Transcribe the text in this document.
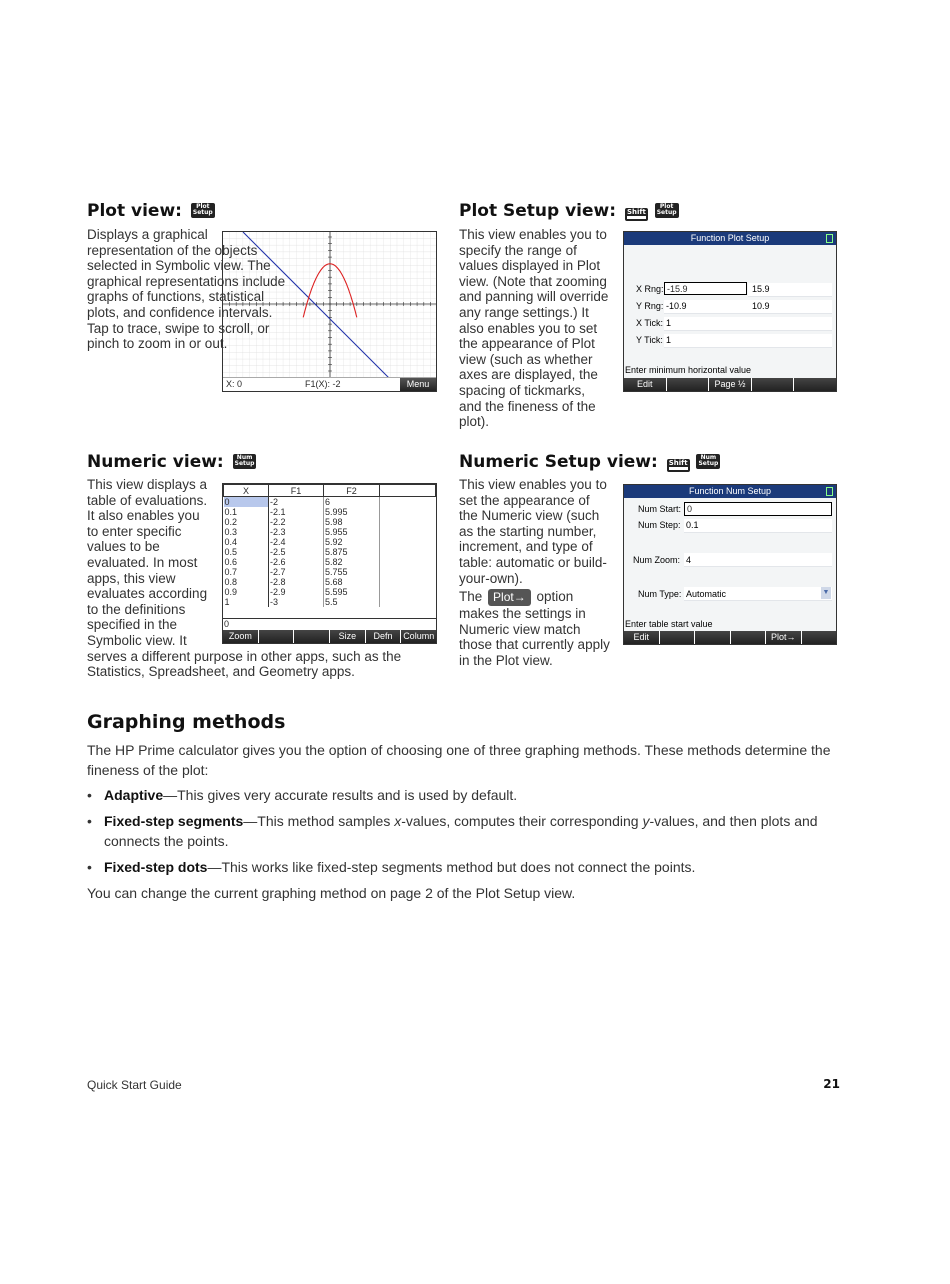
Plot view:	Plot
Setup
X: 0	F1(X): -2	Menu

Displays a graphical representation of the objects selected in Symbolic view. The graphical representations include graphs of functions, statistical plots, and confidence intervals. Tap to trace, swipe to scroll, or pinch to zoom in or out.

Plot Setup view: Shift

Plot
Setup

This view enables you to specify the range of values displayed in Plot view. (Note that zooming and panning will override any range settings.) It also enables you to set the appearance of Plot view (such as whether axes are displayed, the spacing of tickmarks, and the fineness of the plot).

Function Plot Setup
X Rng: -15.9	15.9
Y Rng: -10.9	10.9
X Tick: 1
Y Tick: 1
Enter minimum horizontal value
Edit	Page ½
Numeric view:	Num
Setup
X	F1	F2	
0	-2	6	
0.1	-2.1	5.995	
0.2	-2.2	5.98	
0.3	-2.3	5.955	
0.4	-2.4	5.92	
0.5	-2.5	5.875	
0.6	-2.6	5.82	
0.7	-2.7	5.755	
0.8	-2.8	5.68	
0.9	-2.9	5.595	
1	-3	5.5	
0
Zoom	Size	Defn	Column

This view displays a table of evaluations. It also enables you to enter specific values to be evaluated. In most apps, this view evaluates according to the definitions specified in the Symbolic view. It serves a different purpose in other apps, such as the Statistics, Spreadsheet, and Geometry apps.

Numeric Setup view: Shift

Num
Setup

This view enables you to set the appearance of the Numeric view (such as the starting number, increment, and type of table: automatic or build-your-own).

The Plot→ option makes the settings in Numeric view match those that currently apply in the Plot view.

Function Num Setup
Num Start: 0
Num Step: 0.1
Num Zoom: 4
Num Type: Automatic	▼
Enter table start value
Edit	Plot→
Graphing methods

The HP Prime calculator gives you the option of choosing one of three graphing methods. These methods determine the fineness of the plot:

• Adaptive—This gives very accurate results and is used by default.
• Fixed-step segments—This method samples x-values, computes their corresponding y-values, and then plots and connects the points.
• Fixed-step dots—This works like fixed-step segments method but does not connect the points.

You can change the current graphing method on page 2 of the Plot Setup view.

Quick Start Guide	21
